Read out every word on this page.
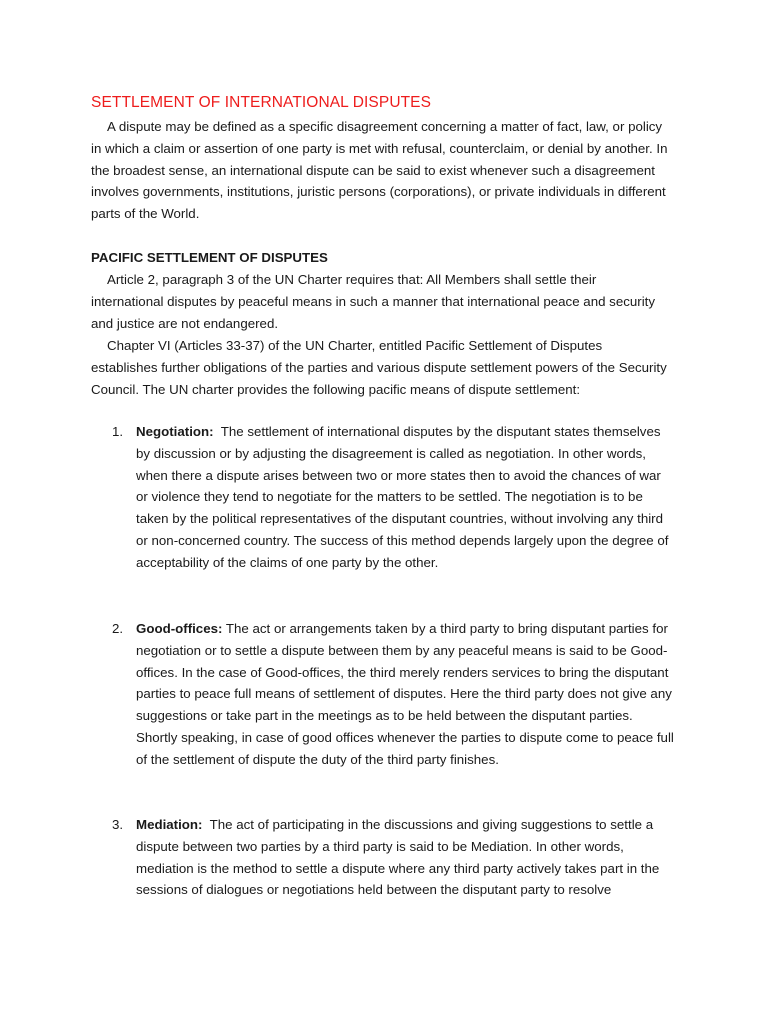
SETTLEMENT OF INTERNATIONAL DISPUTES

A dispute may be defined as a specific disagreement concerning a matter of fact, law, or policy in which a claim or assertion of one party is met with refusal, counterclaim, or denial by another. In the broadest sense, an international dispute can be said to exist whenever such a disagreement involves governments, institutions, juristic persons (corporations), or private individuals in different parts of the World.

PACIFIC SETTLEMENT OF DISPUTES

Article 2, paragraph 3 of the UN Charter requires that: All Members shall settle their international disputes by peaceful means in such a manner that international peace and security and justice are not endangered.

Chapter VI (Articles 33-37) of the UN Charter, entitled Pacific Settlement of Disputes establishes further obligations of the parties and various dispute settlement powers of the Security Council. The UN charter provides the following pacific means of dispute settlement:

1. Negotiation: The settlement of international disputes by the disputant states themselves by discussion or by adjusting the disagreement is called as negotiation. In other words, when there a dispute arises between two or more states then to avoid the chances of war or violence they tend to negotiate for the matters to be settled. The negotiation is to be taken by the political representatives of the disputant countries, without involving any third or non-concerned country. The success of this method depends largely upon the degree of acceptability of the claims of one party by the other.
2. Good-offices: The act or arrangements taken by a third party to bring disputant parties for negotiation or to settle a dispute between them by any peaceful means is said to be Good-offices. In the case of Good-offices, the third merely renders services to bring the disputant parties to peace full means of settlement of disputes. Here the third party does not give any suggestions or take part in the meetings as to be held between the disputant parties. Shortly speaking, in case of good offices whenever the parties to dispute come to peace full of the settlement of dispute the duty of the third party finishes.
3. Mediation: The act of participating in the discussions and giving suggestions to settle a dispute between two parties by a third party is said to be Mediation. In other words, mediation is the method to settle a dispute where any third party actively takes part in the sessions of dialogues or negotiations held between the disputant party to resolve
